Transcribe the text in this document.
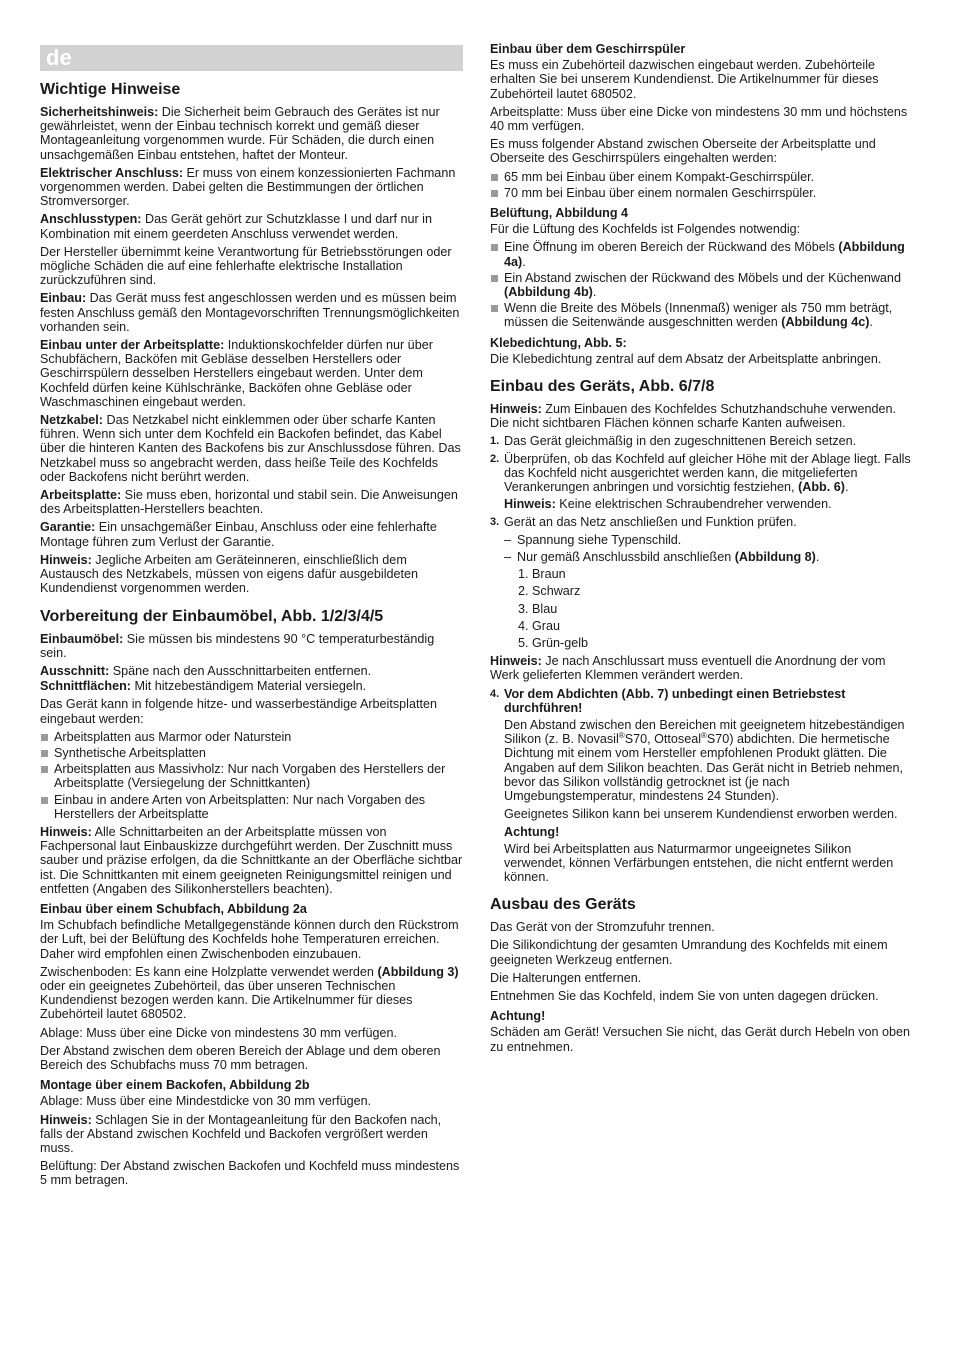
de
Wichtige Hinweise

Sicherheitshinweis: Die Sicherheit beim Gebrauch des Gerätes ist nur gewährleistet, wenn der Einbau technisch korrekt und gemäß dieser Montageanleitung vorgenommen wurde. Für Schäden, die durch einen unsachgemäßen Einbau entstehen, haftet der Monteur.

Elektrischer Anschluss: Er muss von einem konzessionierten Fachmann vorgenommen werden. Dabei gelten die Bestimmungen der örtlichen Stromversorger.

Anschlusstypen: Das Gerät gehört zur Schutzklasse I und darf nur in Kombination mit einem geerdeten Anschluss verwendet werden.

Der Hersteller übernimmt keine Verantwortung für Betriebsstörungen oder mögliche Schäden die auf eine fehlerhafte elektrische Installation zurückzuführen sind.

Einbau: Das Gerät muss fest angeschlossen werden und es müssen beim festen Anschluss gemäß den Montagevorschriften Trennungsmöglichkeiten vorhanden sein.

Einbau unter der Arbeitsplatte: Induktionskochfelder dürfen nur über Schubfächern, Backöfen mit Gebläse desselben Herstellers oder Geschirrspülern desselben Herstellers eingebaut werden. Unter dem Kochfeld dürfen keine Kühlschränke, Backöfen ohne Gebläse oder Waschmaschinen eingebaut werden.

Netzkabel: Das Netzkabel nicht einklemmen oder über scharfe Kanten führen. Wenn sich unter dem Kochfeld ein Backofen befindet, das Kabel über die hinteren Kanten des Backofens bis zur Anschlussdose führen. Das Netzkabel muss so angebracht werden, dass heiße Teile des Kochfelds oder Backofens nicht berührt werden.

Arbeitsplatte: Sie muss eben, horizontal und stabil sein. Die Anweisungen des Arbeitsplatten-Herstellers beachten.

Garantie: Ein unsachgemäßer Einbau, Anschluss oder eine fehlerhafte Montage führen zum Verlust der Garantie.

Hinweis: Jegliche Arbeiten am Geräteinneren, einschließlich dem Austausch des Netzkabels, müssen von eigens dafür ausgebildeten Kundendienst vorgenommen werden.

Vorbereitung der Einbaumöbel, Abb. 1/2/3/4/5

Einbaumöbel: Sie müssen bis mindestens 90 °C temperaturbeständig sein.

Ausschnitt: Späne nach den Ausschnittarbeiten entfernen.

Schnittflächen: Mit hitzebeständigem Material versiegeln.

Das Gerät kann in folgende hitze- und wasserbeständige Arbeitsplatten eingebaut werden:

Arbeitsplatten aus Marmor oder Naturstein
Synthetische Arbeitsplatten
Arbeitsplatten aus Massivholz: Nur nach Vorgaben des Herstellers der Arbeitsplatte (Versiegelung der Schnittkanten)
Einbau in andere Arten von Arbeitsplatten: Nur nach Vorgaben des Herstellers der Arbeitsplatte

Hinweis: Alle Schnittarbeiten an der Arbeitsplatte müssen von Fachpersonal laut Einbauskizze durchgeführt werden. Der Zuschnitt muss sauber und präzise erfolgen, da die Schnittkante an der Oberfläche sichtbar ist. Die Schnittkanten mit einem geeigneten Reinigungsmittel reinigen und entfetten (Angaben des Silikonherstellers beachten).

Einbau über einem Schubfach, Abbildung 2a

Im Schubfach befindliche Metallgegenstände können durch den Rückstrom der Luft, bei der Belüftung des Kochfelds hohe Temperaturen erreichen. Daher wird empfohlen einen Zwischenboden einzubauen.

Zwischenboden: Es kann eine Holzplatte verwendet werden (Abbildung 3) oder ein geeignetes Zubehörteil, das über unseren Technischen Kundendienst bezogen werden kann. Die Artikelnummer für dieses Zubehörteil lautet 680502.

Ablage: Muss über eine Dicke von mindestens 30 mm verfügen.

Der Abstand zwischen dem oberen Bereich der Ablage und dem oberen Bereich des Schubfachs muss 70 mm betragen.

Montage über einem Backofen, Abbildung 2b

Ablage: Muss über eine Mindestdicke von 30 mm verfügen.

Hinweis: Schlagen Sie in der Montageanleitung für den Backofen nach, falls der Abstand zwischen Kochfeld und Backofen vergrößert werden muss.

Belüftung: Der Abstand zwischen Backofen und Kochfeld muss mindestens 5 mm betragen.

Einbau über dem Geschirrspüler

Es muss ein Zubehörteil dazwischen eingebaut werden. Zubehörteile erhalten Sie bei unserem Kundendienst. Die Artikelnummer für dieses Zubehörteil lautet 680502.

Arbeitsplatte: Muss über eine Dicke von mindestens 30 mm und höchstens 40 mm verfügen.

Es muss folgender Abstand zwischen Oberseite der Arbeitsplatte und Oberseite des Geschirrspülers eingehalten werden:

65 mm bei Einbau über einem Kompakt-Geschirrspüler.
70 mm bei Einbau über einem normalen Geschirrspüler.
Belüftung, Abbildung 4

Für die Lüftung des Kochfelds ist Folgendes notwendig:

Eine Öffnung im oberen Bereich der Rückwand des Möbels (Abbildung 4a).
Ein Abstand zwischen der Rückwand des Möbels und der Küchenwand (Abbildung 4b).
Wenn die Breite des Möbels (Innenmaß) weniger als 750 mm beträgt, müssen die Seitenwände ausgeschnitten werden (Abbildung 4c).
Klebedichtung, Abb. 5:

Die Klebedichtung zentral auf dem Absatz der Arbeitsplatte anbringen.

Einbau des Geräts, Abb. 6/7/8

Hinweis: Zum Einbauen des Kochfeldes Schutzhandschuhe verwenden. Die nicht sichtbaren Flächen können scharfe Kanten aufweisen.

1. Das Gerät gleichmäßig in den zugeschnittenen Bereich setzen.
2. Überprüfen, ob das Kochfeld auf gleicher Höhe mit der Ablage liegt. Falls das Kochfeld nicht ausgerichtet werden kann, die mitgelieferten Verankerungen anbringen und vorsichtig festziehen, (Abb. 6).

Hinweis: Keine elektrischen Schraubendreher verwenden.

3. Gerät an das Netz anschließen und Funktion prüfen.
– Spannung siehe Typenschild.
– Nur gemäß Anschlussbild anschließen (Abbildung 8).
1. Braun
2. Schwarz
3. Blau
4. Grau
5. Grün-gelb

Hinweis: Je nach Anschlussart muss eventuell die Anordnung der vom Werk gelieferten Klemmen verändert werden.

4. Vor dem Abdichten (Abb. 7) unbedingt einen Betriebstest durchführen!

Den Abstand zwischen den Bereichen mit geeignetem hitzebeständigen Silikon (z. B. Novasil®S70, Ottoseal®S70) abdichten. Die hermetische Dichtung mit einem vom Hersteller empfohlenen Produkt glätten. Die Angaben auf dem Silikon beachten. Das Gerät nicht in Betrieb nehmen, bevor das Silikon vollständig getrocknet ist (je nach Umgebungstemperatur, mindestens 24 Stunden).

Geeignetes Silikon kann bei unserem Kundendienst erworben werden.

Achtung!

Wird bei Arbeitsplatten aus Naturmarmor ungeeignetes Silikon verwendet, können Verfärbungen entstehen, die nicht entfernt werden können.

Ausbau des Geräts

Das Gerät von der Stromzufuhr trennen.

Die Silikondichtung der gesamten Umrandung des Kochfelds mit einem geeigneten Werkzeug entfernen.

Die Halterungen entfernen.

Entnehmen Sie das Kochfeld, indem Sie von unten dagegen drücken.

Achtung!

Schäden am Gerät! Versuchen Sie nicht, das Gerät durch Hebeln von oben zu entnehmen.
